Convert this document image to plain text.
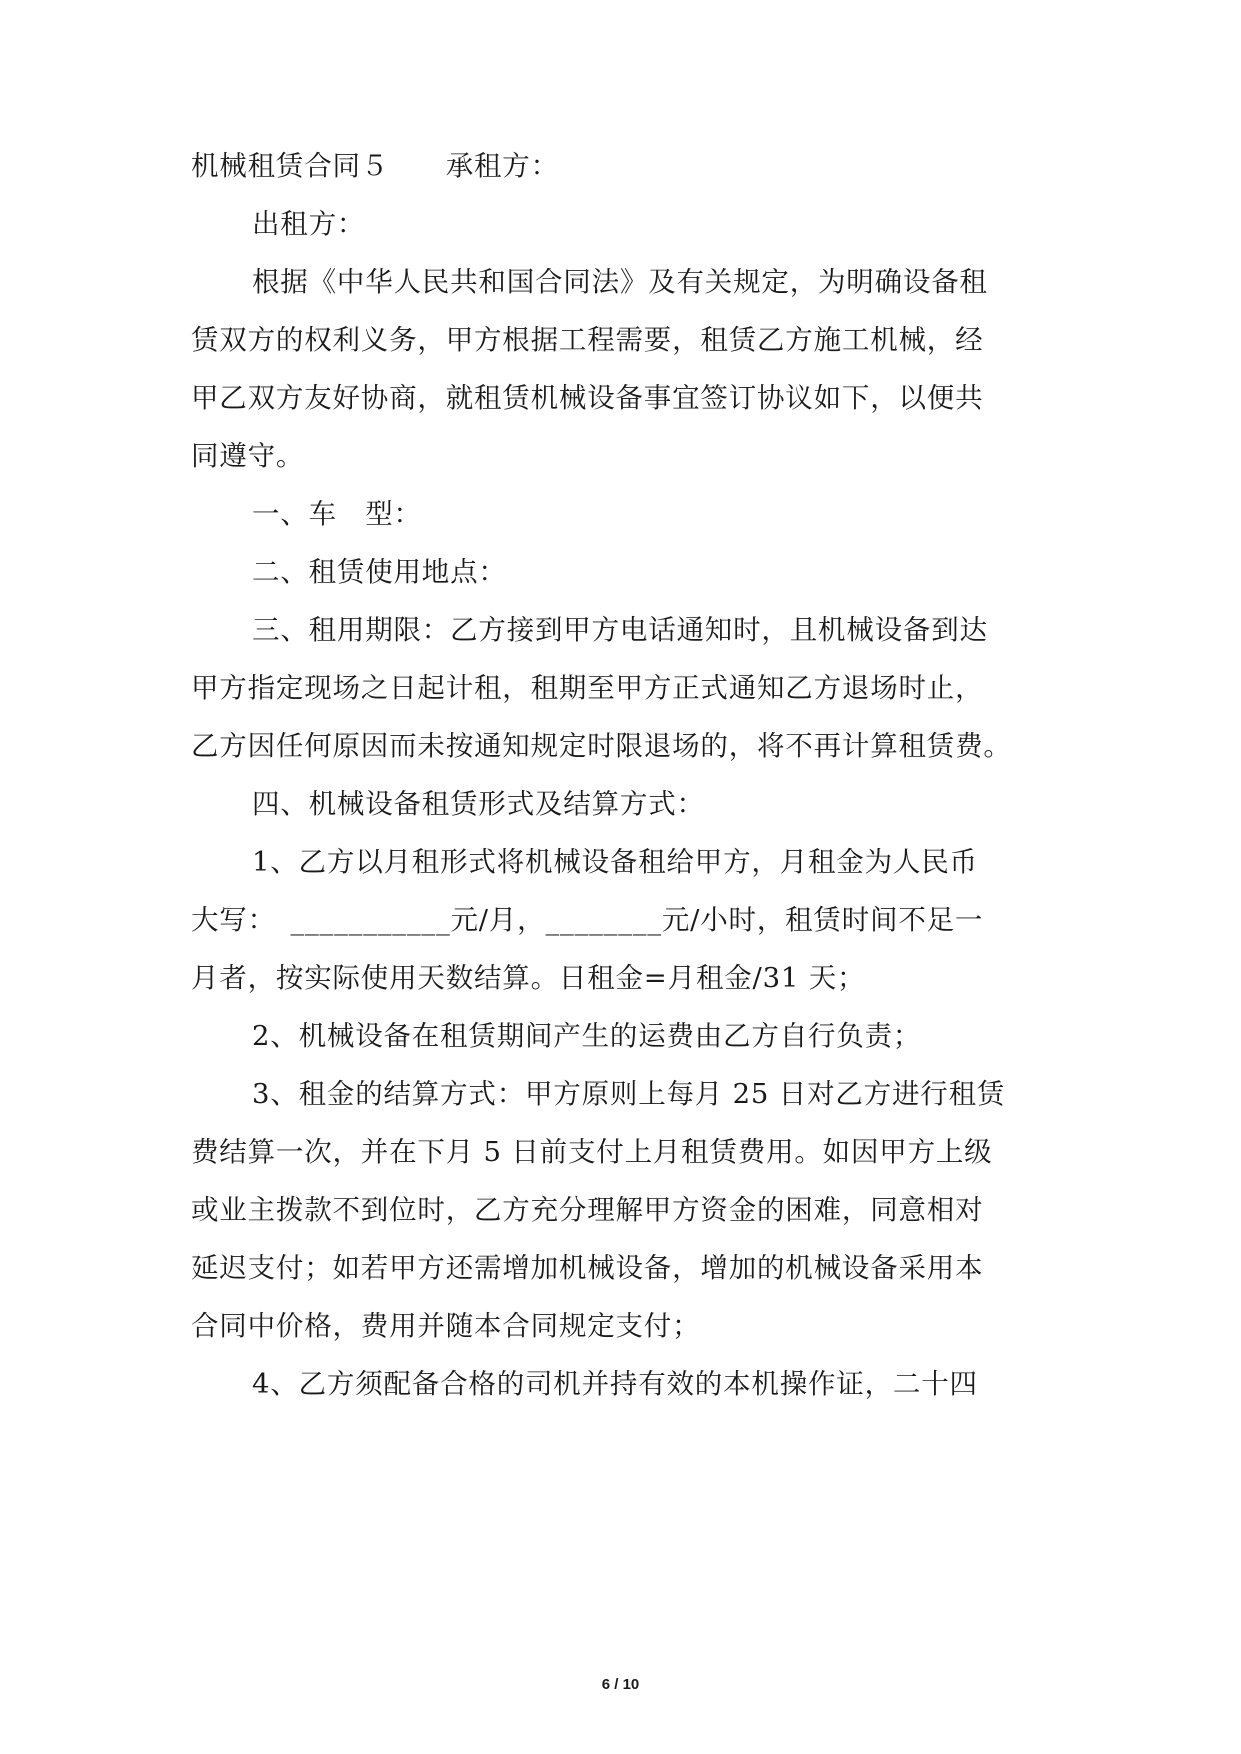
机械租赁合同５　　承租方：
出租方：
根据《中华人民共和国合同法》及有关规定，为明确设备租
赁双方的权利义务，甲方根据工程需要，租赁乙方施工机械，经
甲乙双方友好协商，就租赁机械设备事宜签订协议如下，以便共
同遵守。
一、车　型：
二、租赁使用地点：
三、租用期限：乙方接到甲方电话通知时，且机械设备到达
甲方指定现场之日起计租，租期至甲方正式通知乙方退场时止，
乙方因任何原因而未按通知规定时限退场的，将不再计算租赁费。
四、机械设备租赁形式及结算方式：
1、乙方以月租形式将机械设备租给甲方，月租金为人民币
大写：　___________元/月，________元/小时，租赁时间不足一
月者，按实际使用天数结算。日租金=月租金/31 天；
2、机械设备在租赁期间产生的运费由乙方自行负责；
3、租金的结算方式：甲方原则上每月 25 日对乙方进行租赁
费结算一次，并在下月 5 日前支付上月租赁费用。如因甲方上级
或业主拨款不到位时，乙方充分理解甲方资金的困难，同意相对
延迟支付；如若甲方还需增加机械设备，增加的机械设备采用本
合同中价格，费用并随本合同规定支付；
4、乙方须配备合格的司机并持有效的本机操作证，二十四
6 / 10
